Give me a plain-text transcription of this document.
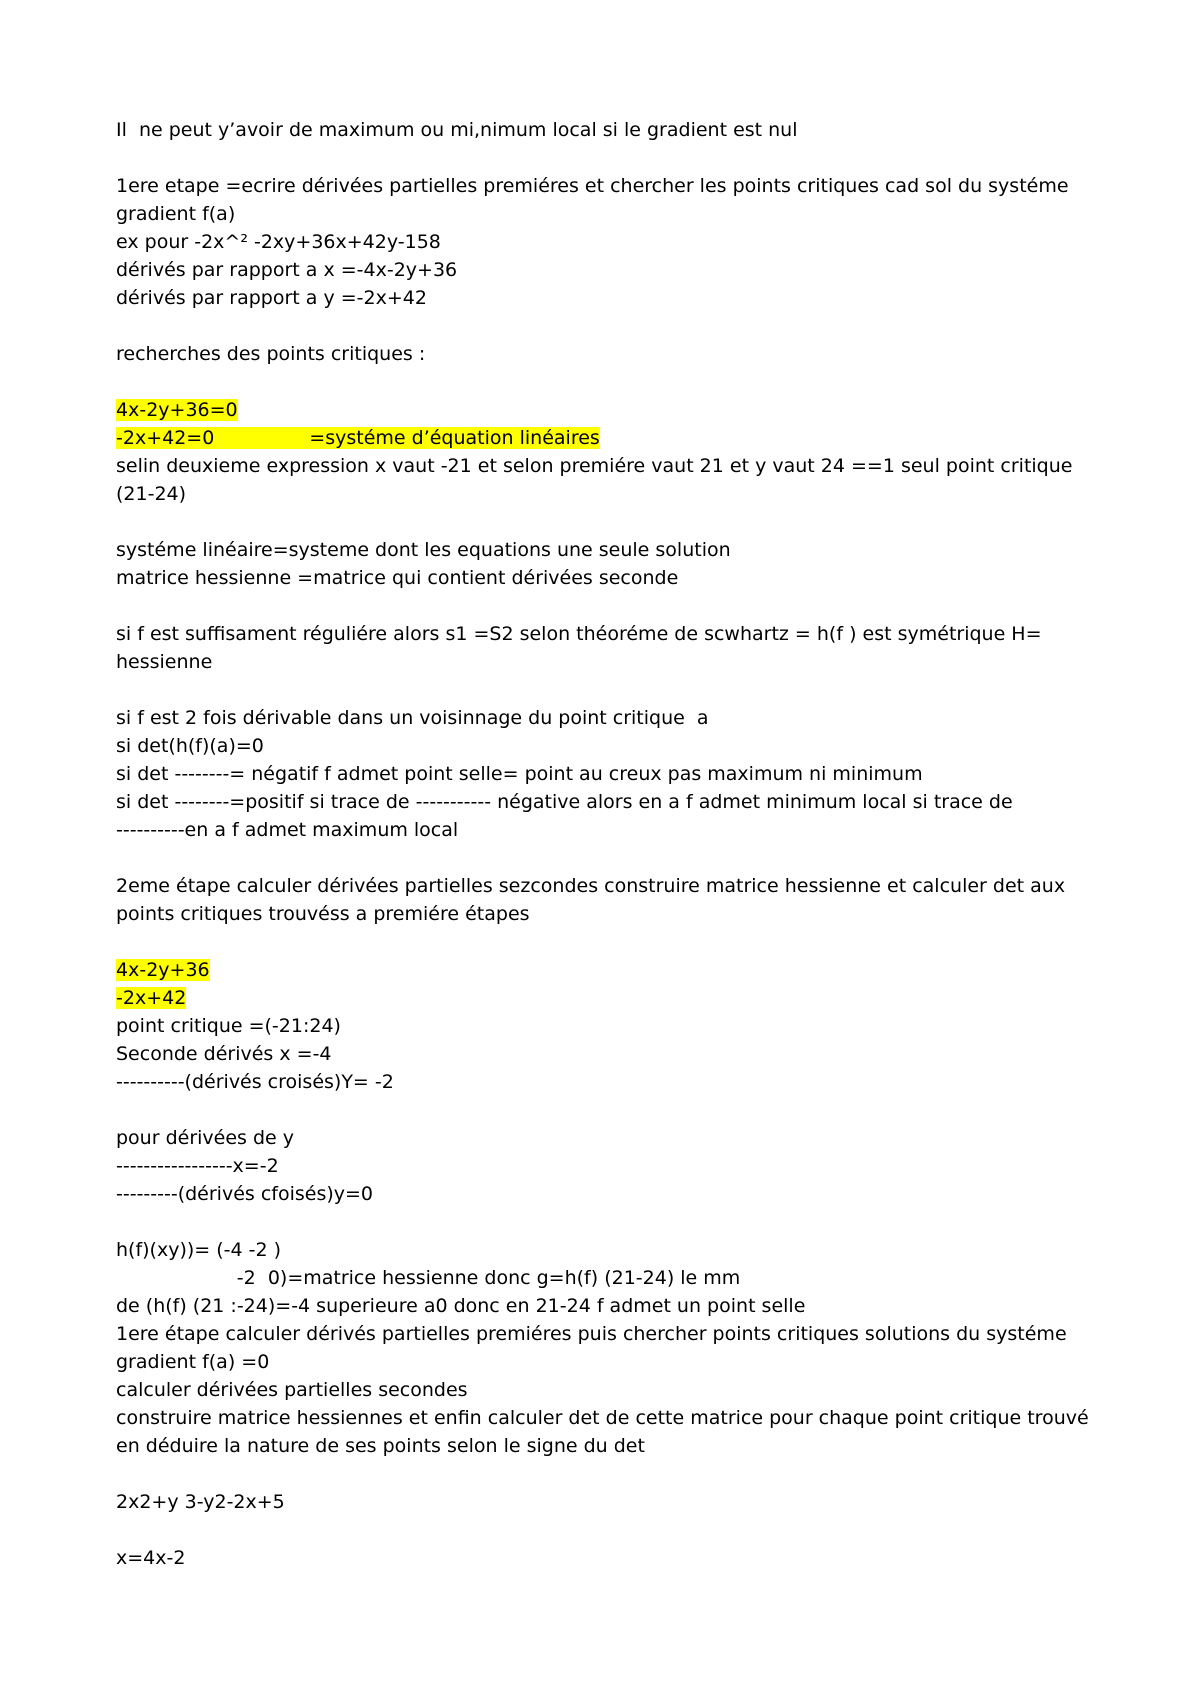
Il  ne peut y’avoir de maximum ou mi,nimum local si le gradient est nul
1ere etape =ecrire dérivées partielles premiéres et chercher les points critiques cad sol du systéme
gradient f(a)
ex pour -2x^² -2xy+36x+42y-158
dérivés par rapport a x =-4x-2y+36
dérivés par rapport a y =-2x+42
recherches des points critiques :
4x-2y+36=0
-2x+42=0	=systéme d’équation linéaires
selin deuxieme expression x vaut -21 et selon premiére vaut 21 et y vaut 24 ==1 seul point critique
(21-24)
systéme linéaire=systeme dont les equations une seule solution
matrice hessienne =matrice qui contient dérivées seconde
si f est suffisament réguliére alors s1 =S2 selon théoréme de scwhartz = h(f ) est symétrique H=
hessienne
si f est 2 fois dérivable dans un voisinnage du point critique  a
si det(h(f)(a)=0
si det --------= négatif f admet point selle= point au creux pas maximum ni minimum
si det --------=positif si trace de ----------- négative alors en a f admet minimum local si trace de
----------en a f admet maximum local
2eme étape calculer dérivées partielles sezcondes construire matrice hessienne et calculer det aux
points critiques trouvéss a premiére étapes
4x-2y+36
-2x+42
point critique =(-21:24)
Seconde dérivés x =-4
----------(dérivés croisés)Y= -2
pour dérivées de y
-----------------x=-2
---------(dérivés cfoisés)y=0
h(f)(xy))= (-4 -2 )
-2  0)=matrice hessienne donc g=h(f) (21-24) le mm
de (h(f) (21 :-24)=-4 superieure a0 donc en 21-24 f admet un point selle
1ere étape calculer dérivés partielles premiéres puis chercher points critiques solutions du systéme
gradient f(a) =0
calculer dérivées partielles secondes
construire matrice hessiennes et enfin calculer det de cette matrice pour chaque point critique trouvé
en déduire la nature de ses points selon le signe du det
2x2+y 3-y2-2x+5
x=4x-2
